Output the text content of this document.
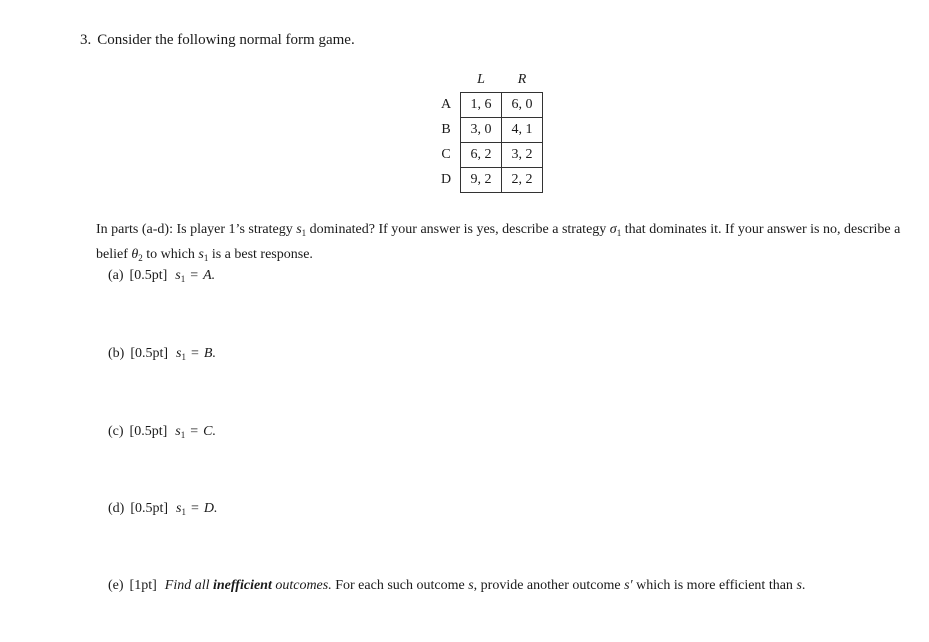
3. Consider the following normal form game.
	L	R
A	1, 6	6, 0
B	3, 0	4, 1
C	6, 2	3, 2
D	9, 2	2, 2
In parts (a-d): Is player 1’s strategy $s_1$ dominated? If your answer is yes, describe a strategy $\sigma_1$ that dominates it. If your answer is no, describe a belief $\theta_2$ to which $s_1$ is a best response.
(a) [0.5pt] $s_1 = A$.
(b) [0.5pt] $s_1 = B$.
(c) [0.5pt] $s_1 = C$.
(d) [0.5pt] $s_1 = D$.
(e) [1pt] Find all inefficient outcomes. For each such outcome s, provide another outcome s′ which is more efficient than s.
